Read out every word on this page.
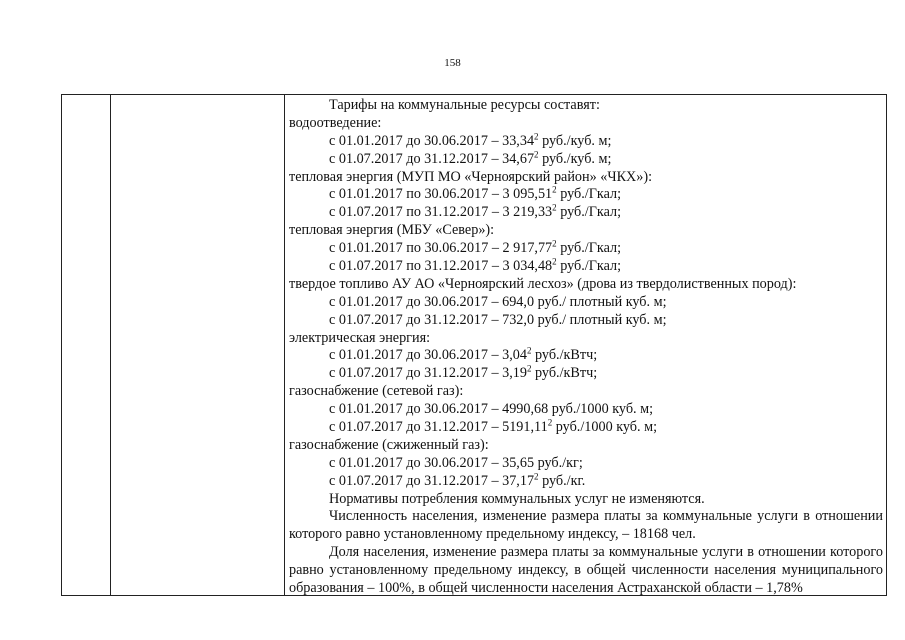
158
Тарифы на коммунальные ресурсы составят:
водоотведение:
с 01.01.2017 до 30.06.2017 – 33,34$^2$ руб./куб. м;
с 01.07.2017 до 31.12.2017 – 34,67$^2$ руб./куб. м;
тепловая энергия (МУП МО «Черноярский район» «ЧКХ»):
с 01.01.2017 по 30.06.2017 – 3 095,51$^2$ руб./Гкал;
с 01.07.2017 по 31.12.2017 – 3 219,33$^2$ руб./Гкал;
тепловая энергия (МБУ «Север»):
с 01.01.2017 по 30.06.2017 – 2 917,77$^2$ руб./Гкал;
с 01.07.2017 по 31.12.2017 – 3 034,48$^2$ руб./Гкал;
твердое топливо АУ АО «Черноярский лесхоз» (дрова из твердолиственных пород):
с 01.01.2017 до 30.06.2017 – 694,0 руб./ плотный куб. м;
с 01.07.2017 до 31.12.2017 – 732,0 руб./ плотный куб. м;
электрическая энергия:
с 01.01.2017 до 30.06.2017 – 3,04$^2$ руб./кВтч;
с 01.07.2017 до 31.12.2017 – 3,19$^2$ руб./кВтч;
газоснабжение (сетевой газ):
с 01.01.2017 до 30.06.2017 – 4990,68 руб./1000 куб. м;
с 01.07.2017 до 31.12.2017 – 5191,11$^2$ руб./1000 куб. м;
газоснабжение (сжиженный газ):
с 01.01.2017 до 30.06.2017 – 35,65 руб./кг;
с 01.07.2017 до 31.12.2017 – 37,17$^2$ руб./кг.
Нормативы потребления коммунальных услуг не изменяются.
Численность населения, изменение размера платы за коммунальные услуги в отношении которого равно установленному предельному индексу, – 18168 чел.
Доля населения, изменение размера платы за коммунальные услуги в отношении которого равно установленному предельному индексу, в общей численности населения муниципального образования – 100%, в общей численности населения Астраханской области – 1,78%
